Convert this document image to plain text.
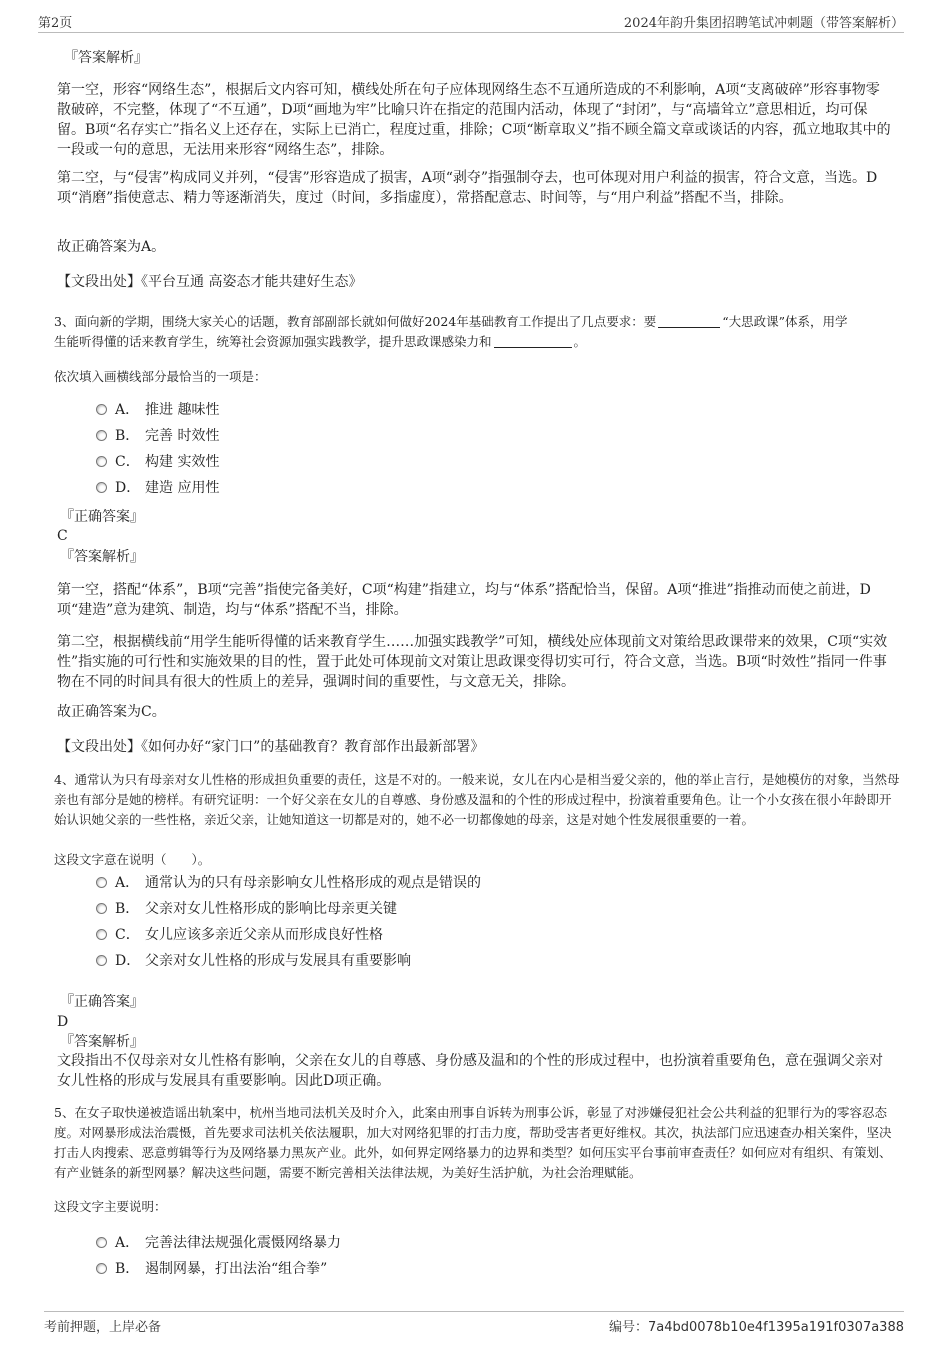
第2页	2024年韵升集团招聘笔试冲刺题（带答案解析）
『答案解析』

第一空，形容“网络生态”，根据后文内容可知，横线处所在句子应体现网络生态不互通所造成的不利影响，A项“支离破碎”形容事物零散破碎，不完整，体现了“不互通”，D项“画地为牢”比喻只许在指定的范围内活动，体现了“封闭”，与“高墙耸立”意思相近，均可保留。B项“名存实亡”指名义上还存在，实际上已消亡，程度过重，排除；C项“断章取义”指不顾全篇文章或谈话的内容，孤立地取其中的一段或一句的意思，无法用来形容“网络生态”，排除。

第二空，与“侵害”构成同义并列，“侵害”形容造成了损害，A项“剥夺”指强制夺去，也可体现对用户利益的损害，符合文意，当选。D项“消磨”指使意志、精力等逐渐消失，度过（时间，多指虚度），常搭配意志、时间等，与“用户利益”搭配不当，排除。

故正确答案为A。

【文段出处】《平台互通 高姿态才能共建好生态》

3、面向新的学期，围绕大家关心的话题，教育部副部长就如何做好2024年基础教育工作提出了几点要求：要	“大思政课”体系，用学
生能听得懂的话来教育学生，统筹社会资源加强实践教学，提升思政课感染力和	。

依次填入画横线部分最恰当的一项是：

A． 推进 趣味性
B． 完善 时效性
C． 构建 实效性
D． 建造 应用性
『正确答案』
C
『答案解析』

第一空，搭配“体系”，B项“完善”指使完备美好，C项“构建”指建立，均与“体系”搭配恰当，保留。A项“推进”指推动而使之前进，D项“建造”意为建筑、制造，均与“体系”搭配不当，排除。

第二空，根据横线前“用学生能听得懂的话来教育学生……加强实践教学”可知，横线处应体现前文对策给思政课带来的效果，C项“实效性”指实施的可行性和实施效果的目的性，置于此处可体现前文对策让思政课变得切实可行，符合文意，当选。B项“时效性”指同一件事物在不同的时间具有很大的性质上的差异，强调时间的重要性，与文意无关，排除。

故正确答案为C。

【文段出处】《如何办好“家门口”的基础教育？教育部作出最新部署》

4、通常认为只有母亲对女儿性格的形成担负重要的责任，这是不对的。一般来说，女儿在内心是相当爱父亲的，他的举止言行，是她模仿的对象，当然母亲也有部分是她的榜样。有研究证明：一个好父亲在女儿的自尊感、身份感及温和的个性的形成过程中，扮演着重要角色。让一个小女孩在很小年龄即开始认识她父亲的一些性格，亲近父亲，让她知道这一切都是对的，她不必一切都像她的母亲，这是对她个性发展很重要的一着。

这段文字意在说明（　　）。

A． 通常认为的只有母亲影响女儿性格形成的观点是错误的
B． 父亲对女儿性格形成的影响比母亲更关键
C． 女儿应该多亲近父亲从而形成良好性格
D． 父亲对女儿性格的形成与发展具有重要影响
『正确答案』
D
『答案解析』

文段指出不仅母亲对女儿性格有影响，父亲在女儿的自尊感、身份感及温和的个性的形成过程中，也扮演着重要角色，意在强调父亲对女儿性格的形成与发展具有重要影响。因此D项正确。

5、在女子取快递被造谣出轨案中，杭州当地司法机关及时介入，此案由刑事自诉转为刑事公诉，彰显了对涉嫌侵犯社会公共利益的犯罪行为的零容忍态度。对网暴形成法治震慑，首先要求司法机关依法履职，加大对网络犯罪的打击力度，帮助受害者更好维权。其次，执法部门应迅速查办相关案件，坚决打击人肉搜索、恶意剪辑等行为及网络暴力黑灰产业。此外，如何界定网络暴力的边界和类型？如何压实平台事前审查责任？如何应对有组织、有策划、有产业链条的新型网暴？解决这些问题，需要不断完善相关法律法规，为美好生活护航，为社会治理赋能。

这段文字主要说明：

A． 完善法律法规强化震慑网络暴力
B． 遏制网暴，打出法治“组合拳”
考前押题，上岸必备	编号：7a4bd0078b10e4f1395a191f0307a388
